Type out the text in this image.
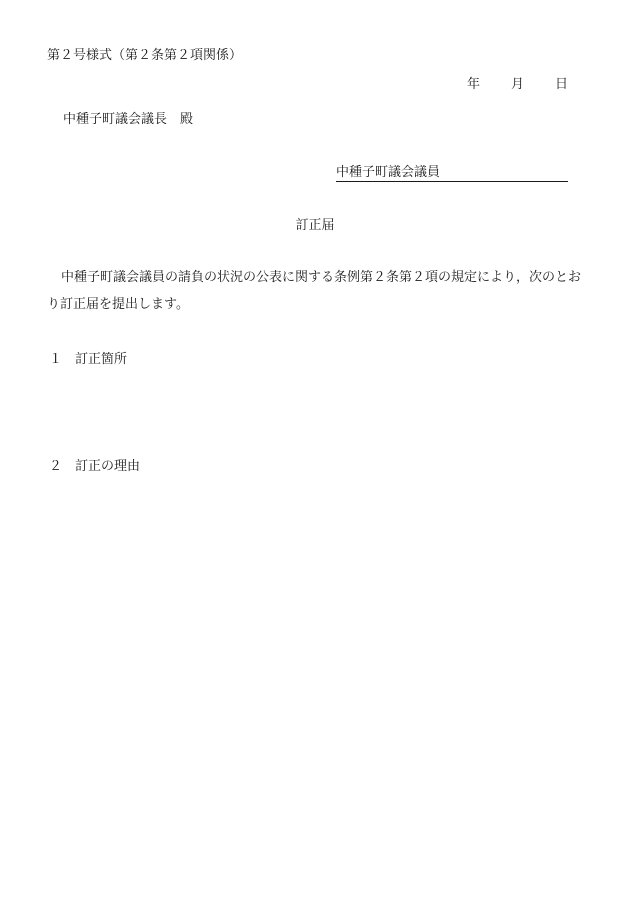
第２号様式（第２条第２項関係）
年 月 日
中種子町議会議長 殿
中種子町議会議員
訂正届
中種子町議会議員の請負の状況の公表に関する条例第２条第２項の規定により，次のとおり訂正届を提出します。
１ 訂正箇所
２ 訂正の理由
